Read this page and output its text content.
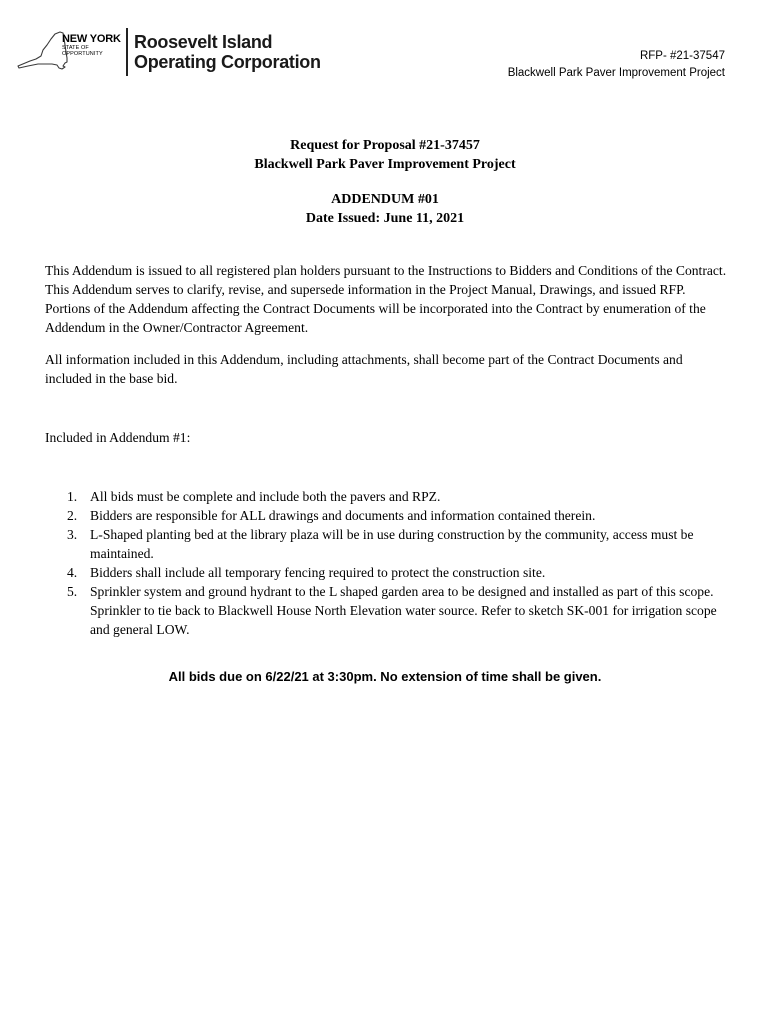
NEW YORK
STATE OF
OPPORTUNITY
Roosevelt Island
Operating Corporation	RFP- #21-37547
Blackwell Park Paver Improvement Project
Request for Proposal #21-37457
Blackwell Park Paver Improvement Project
ADDENDUM #01
Date Issued: June 11, 2021

This Addendum is issued to all registered plan holders pursuant to the Instructions to Bidders and Conditions of the Contract. This Addendum serves to clarify, revise, and supersede information in the Project Manual, Drawings, and issued RFP. Portions of the Addendum affecting the Contract Documents will be incorporated into the Contract by enumeration of the Addendum in the Owner/Contractor Agreement.

All information included in this Addendum, including attachments, shall become part of the Contract Documents and included in the base bid.

Included in Addendum #1:

1. All bids must be complete and include both the pavers and RPZ.
2. Bidders are responsible for ALL drawings and documents and information contained therein.
3. L-Shaped planting bed at the library plaza will be in use during construction by the community, access must be maintained.
4. Bidders shall include all temporary fencing required to protect the construction site.
5. Sprinkler system and ground hydrant to the L shaped garden area to be designed and installed as part of this scope. Sprinkler to tie back to Blackwell House North Elevation water source. Refer to sketch SK-001 for irrigation scope and general LOW.
All bids due on 6/22/21 at 3:30pm. No extension of time shall be given.
